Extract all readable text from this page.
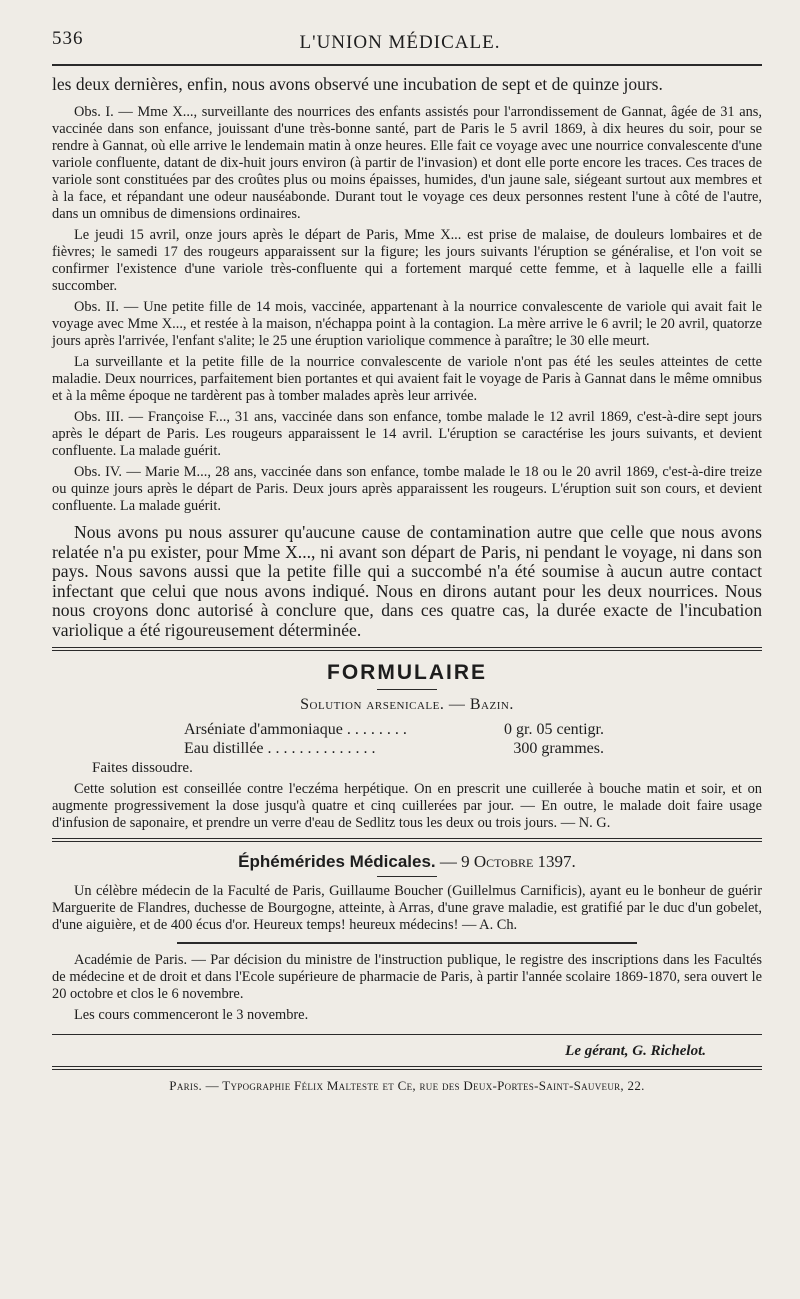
536	L'UNION MÉDICALE.

les deux dernières, enfin, nous avons observé une incubation de sept et de quinze jours.

Obs. I. — Mme X..., surveillante des nourrices des enfants assistés pour l'arrondissement de Gannat, âgée de 31 ans, vaccinée dans son enfance, jouissant d'une très-bonne santé, part de Paris le 5 avril 1869, à dix heures du soir, pour se rendre à Gannat, où elle arrive le lendemain matin à onze heures. Elle fait ce voyage avec une nourrice convalescente d'une variole confluente, datant de dix-huit jours environ (à partir de l'invasion) et dont elle porte encore les traces. Ces traces de variole sont constituées par des croûtes plus ou moins épaisses, humides, d'un jaune sale, siégeant surtout aux membres et à la face, et répandant une odeur nauséabonde. Durant tout le voyage ces deux personnes restent l'une à côté de l'autre, dans un omnibus de dimensions ordinaires.

Le jeudi 15 avril, onze jours après le départ de Paris, Mme X... est prise de malaise, de douleurs lombaires et de fièvres; le samedi 17 des rougeurs apparaissent sur la figure; les jours suivants l'éruption se généralise, et l'on voit se confirmer l'existence d'une variole très-confluente qui a fortement marqué cette femme, et à laquelle elle a failli succomber.

Obs. II. — Une petite fille de 14 mois, vaccinée, appartenant à la nourrice convalescente de variole qui avait fait le voyage avec Mme X..., et restée à la maison, n'échappa point à la contagion. La mère arrive le 6 avril; le 20 avril, quatorze jours après l'arrivée, l'enfant s'alite; le 25 une éruption variolique commence à paraître; le 30 elle meurt.

La surveillante et la petite fille de la nourrice convalescente de variole n'ont pas été les seules atteintes de cette maladie. Deux nourrices, parfaitement bien portantes et qui avaient fait le voyage de Paris à Gannat dans le même omnibus et à la même époque ne tardèrent pas à tomber malades après leur arrivée.

Obs. III. — Françoise F..., 31 ans, vaccinée dans son enfance, tombe malade le 12 avril 1869, c'est-à-dire sept jours après le départ de Paris. Les rougeurs apparaissent le 14 avril. L'éruption se caractérise les jours suivants, et devient confluente. La malade guérit.

Obs. IV. — Marie M..., 28 ans, vaccinée dans son enfance, tombe malade le 18 ou le 20 avril 1869, c'est-à-dire treize ou quinze jours après le départ de Paris. Deux jours après apparaissent les rougeurs. L'éruption suit son cours, et devient confluente. La malade guérit.

Nous avons pu nous assurer qu'aucune cause de contamination autre que celle que nous avons relatée n'a pu exister, pour Mme X..., ni avant son départ de Paris, ni pendant le voyage, ni dans son pays. Nous savons aussi que la petite fille qui a succombé n'a été soumise à aucun autre contact infectant que celui que nous avons indiqué. Nous en dirons autant pour les deux nourrices. Nous nous croyons donc autorisé à conclure que, dans ces quatre cas, la durée exacte de l'incubation variolique a été rigoureusement déterminée.

FORMULAIRE
Solution arsenicale. — Bazin.
Arséniate d'ammoniaque . . . . . . . .	0 gr. 05 centigr.
Eau distillée . . . . . . . . . . . . . .	300 grammes.
Faites dissoudre.

Cette solution est conseillée contre l'eczéma herpétique. On en prescrit une cuillerée à bouche matin et soir, et on augmente progressivement la dose jusqu'à quatre et cinq cuillerées par jour. — En outre, le malade doit faire usage d'infusion de saponaire, et prendre un verre d'eau de Sedlitz tous les deux ou trois jours. — N. G.

Éphémérides Médicales. — 9 Octobre 1397.

Un célèbre médecin de la Faculté de Paris, Guillaume Boucher (Guillelmus Carnificis), ayant eu le bonheur de guérir Marguerite de Flandres, duchesse de Bourgogne, atteinte, à Arras, d'une grave maladie, est gratifié par le duc d'un gobelet, d'une aiguière, et de 400 écus d'or. Heureux temps! heureux médecins! — A. Ch.

Académie de Paris. — Par décision du ministre de l'instruction publique, le registre des inscriptions dans les Facultés de médecine et de droit et dans l'Ecole supérieure de pharmacie de Paris, à partir l'année scolaire 1869-1870, sera ouvert le 20 octobre et clos le 6 novembre.

Les cours commenceront le 3 novembre.

Le gérant, G. Richelot.
Paris. — Typographie Félix Malteste et Ce, rue des Deux-Portes-Saint-Sauveur, 22.
